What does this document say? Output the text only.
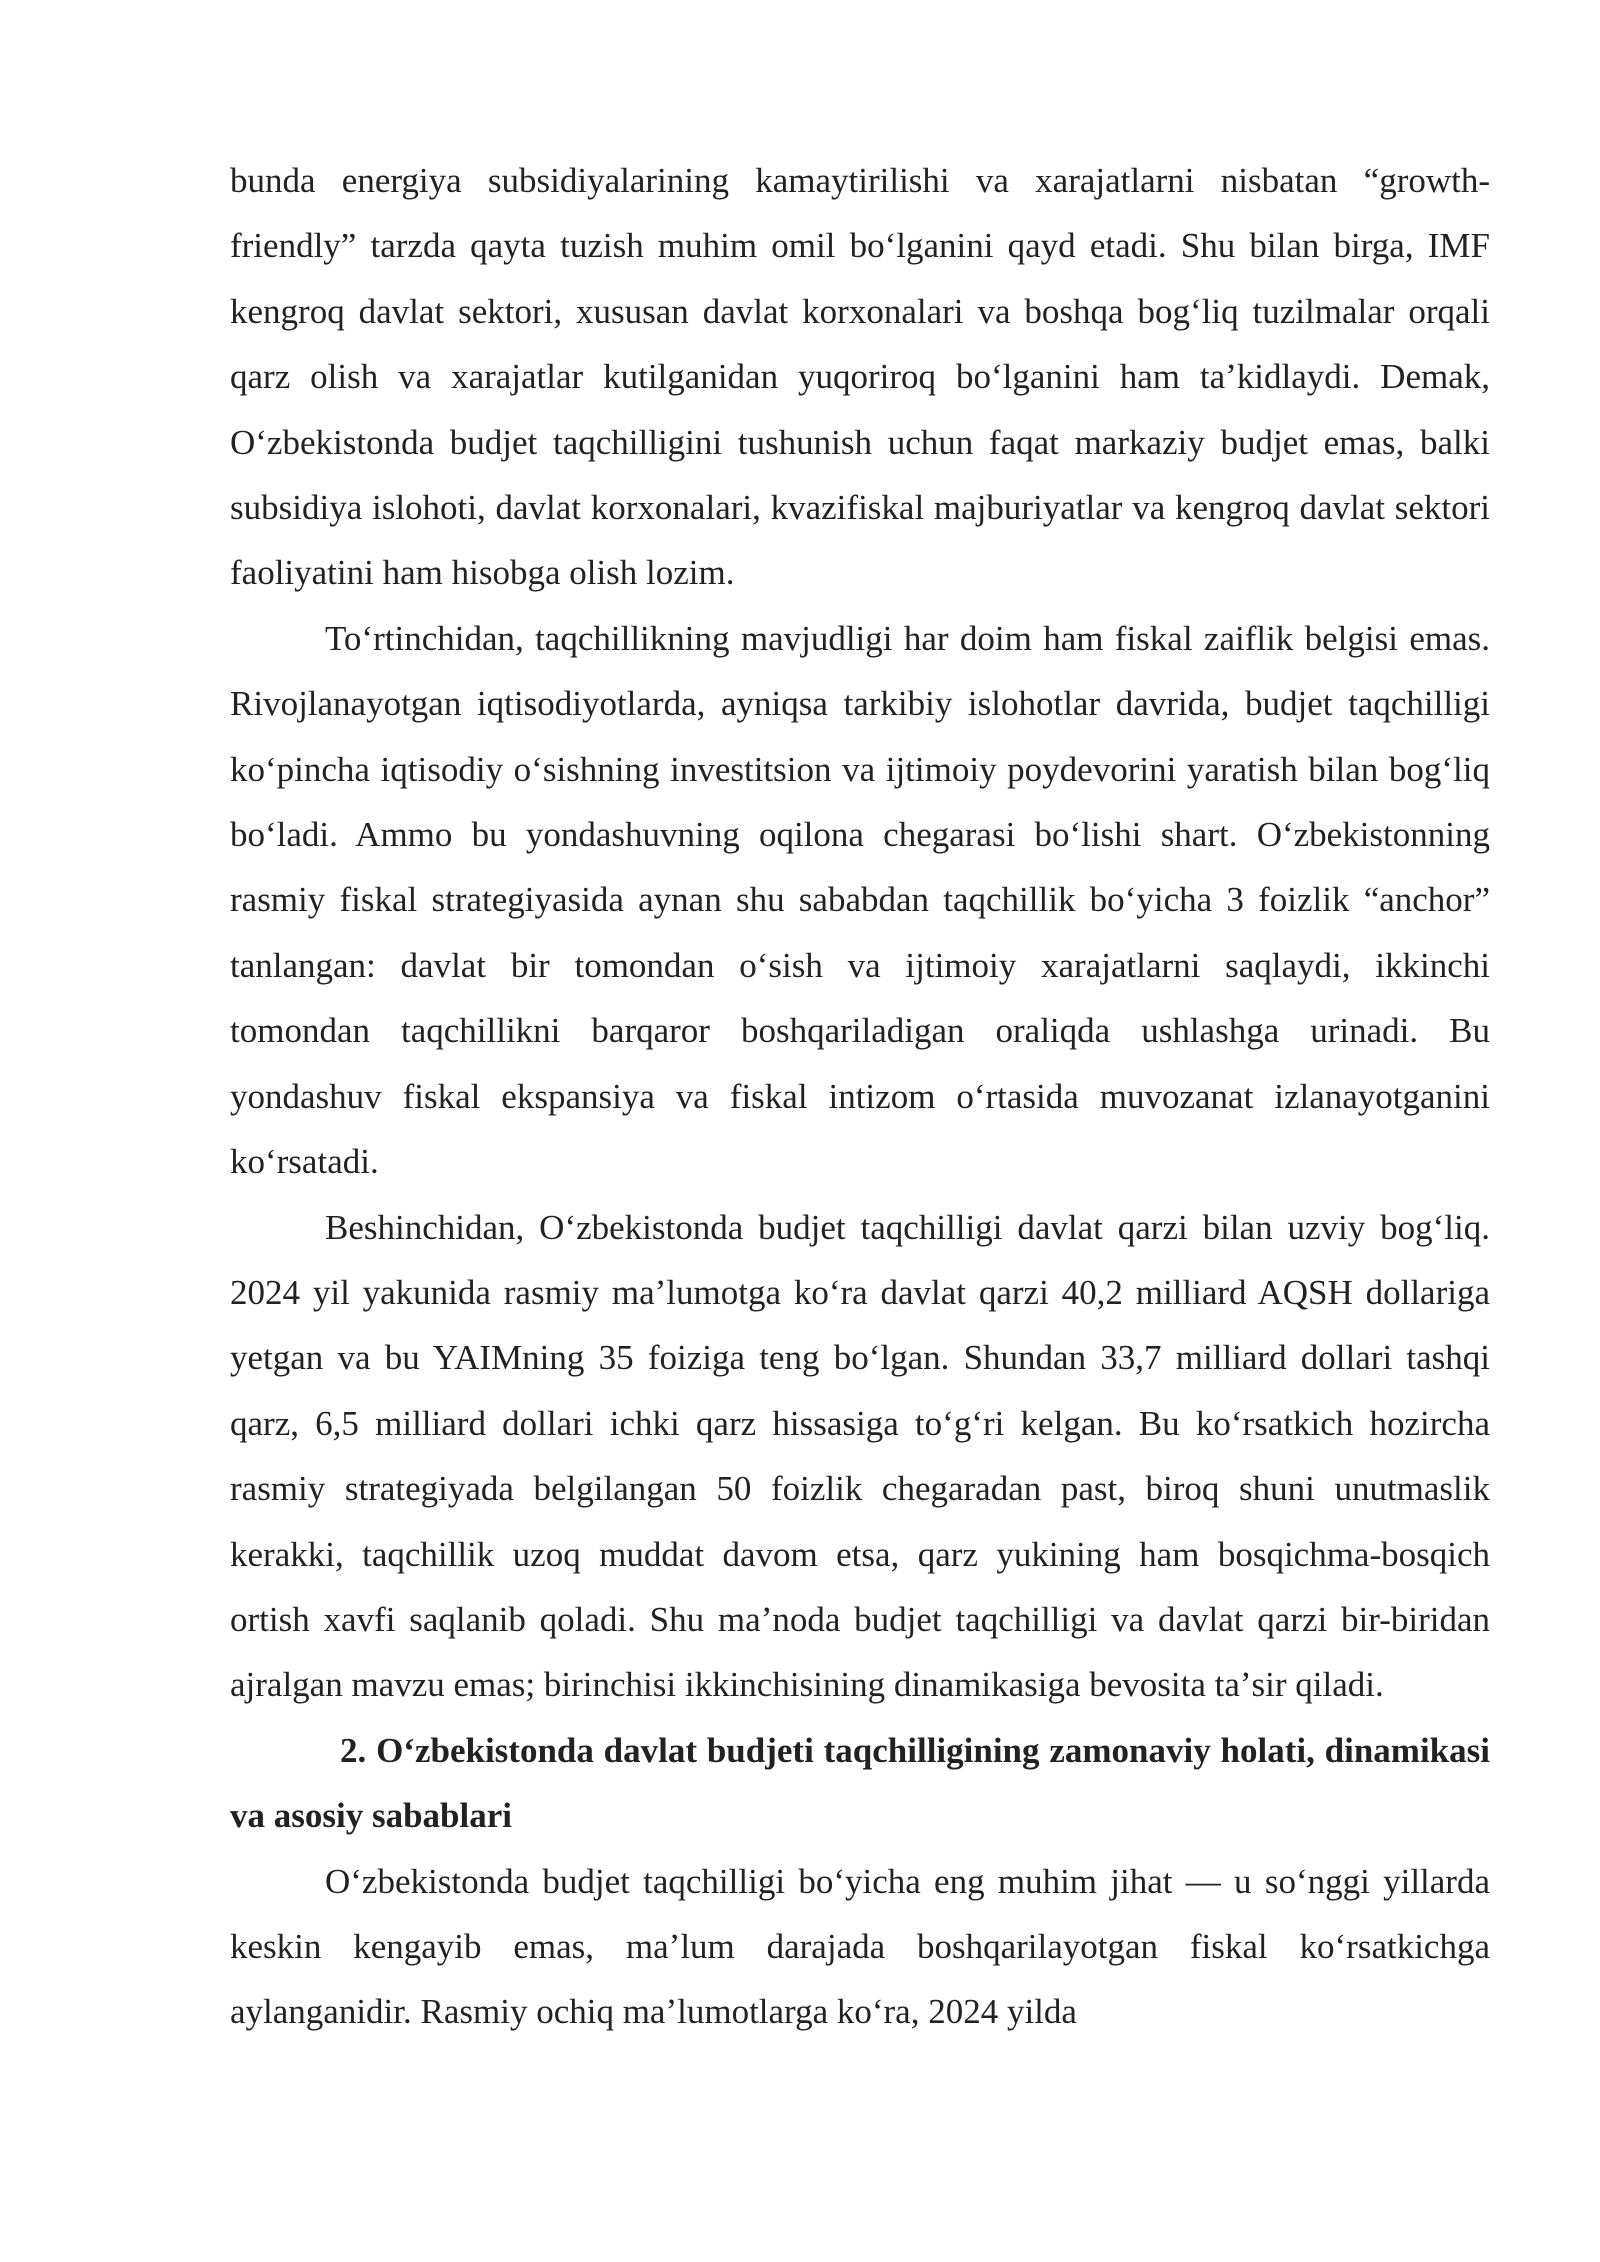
bunda energiya subsidiyalarining kamaytirilishi va xarajatlarni nisbatan “growth-friendly” tarzda qayta tuzish muhim omil boʻlganini qayd etadi. Shu bilan birga, IMF kengroq davlat sektori, xususan davlat korxonalari va boshqa bogʻliq tuzilmalar orqali qarz olish va xarajatlar kutilganidan yuqoriroq boʻlganini ham taʼkidlaydi. Demak, Oʻzbekistonda budjet taqchilligini tushunish uchun faqat markaziy budjet emas, balki subsidiya islohoti, davlat korxonalari, kvazifiskal majburiyatlar va kengroq davlat sektori faoliyatini ham hisobga olish lozim.

Toʻrtinchidan, taqchillikning mavjudligi har doim ham fiskal zaiflik belgisi emas. Rivojlanayotgan iqtisodiyotlarda, ayniqsa tarkibiy islohotlar davrida, budjet taqchilligi koʻpincha iqtisodiy oʻsishning investitsion va ijtimoiy poydevorini yaratish bilan bogʻliq boʻladi. Ammo bu yondashuvning oqilona chegarasi boʻlishi shart. Oʻzbekistonning rasmiy fiskal strategiyasida aynan shu sababdan taqchillik boʻyicha 3 foizlik “anchor” tanlangan: davlat bir tomondan oʻsish va ijtimoiy xarajatlarni saqlaydi, ikkinchi tomondan taqchillikni barqaror boshqariladigan oraliqda ushlashga urinadi. Bu yondashuv fiskal ekspansiya va fiskal intizom oʻrtasida muvozanat izlanayotganini koʻrsatadi.

Beshinchidan, Oʻzbekistonda budjet taqchilligi davlat qarzi bilan uzviy bogʻliq. 2024 yil yakunida rasmiy maʼlumotga koʻra davlat qarzi 40,2 milliard AQSH dollariga yetgan va bu YAIMning 35 foiziga teng boʻlgan. Shundan 33,7 milliard dollari tashqi qarz, 6,5 milliard dollari ichki qarz hissasiga toʻgʻri kelgan. Bu koʻrsatkich hozircha rasmiy strategiyada belgilangan 50 foizlik chegaradan past, biroq shuni unutmaslik kerakki, taqchillik uzoq muddat davom etsa, qarz yukining ham bosqichma-bosqich ortish xavfi saqlanib qoladi. Shu maʼnoda budjet taqchilligi va davlat qarzi bir-biridan ajralgan mavzu emas; birinchisi ikkinchisining dinamikasiga bevosita taʼsir qiladi.

2. Oʻzbekistonda davlat budjeti taqchilligining zamonaviy holati, dinamikasi va asosiy sabablari

Oʻzbekistonda budjet taqchilligi boʻyicha eng muhim jihat — u soʻnggi yillarda keskin kengayib emas, maʼlum darajada boshqarilayotgan fiskal koʻrsatkichga aylanganidir. Rasmiy ochiq maʼlumotlarga koʻra, 2024 yilda
